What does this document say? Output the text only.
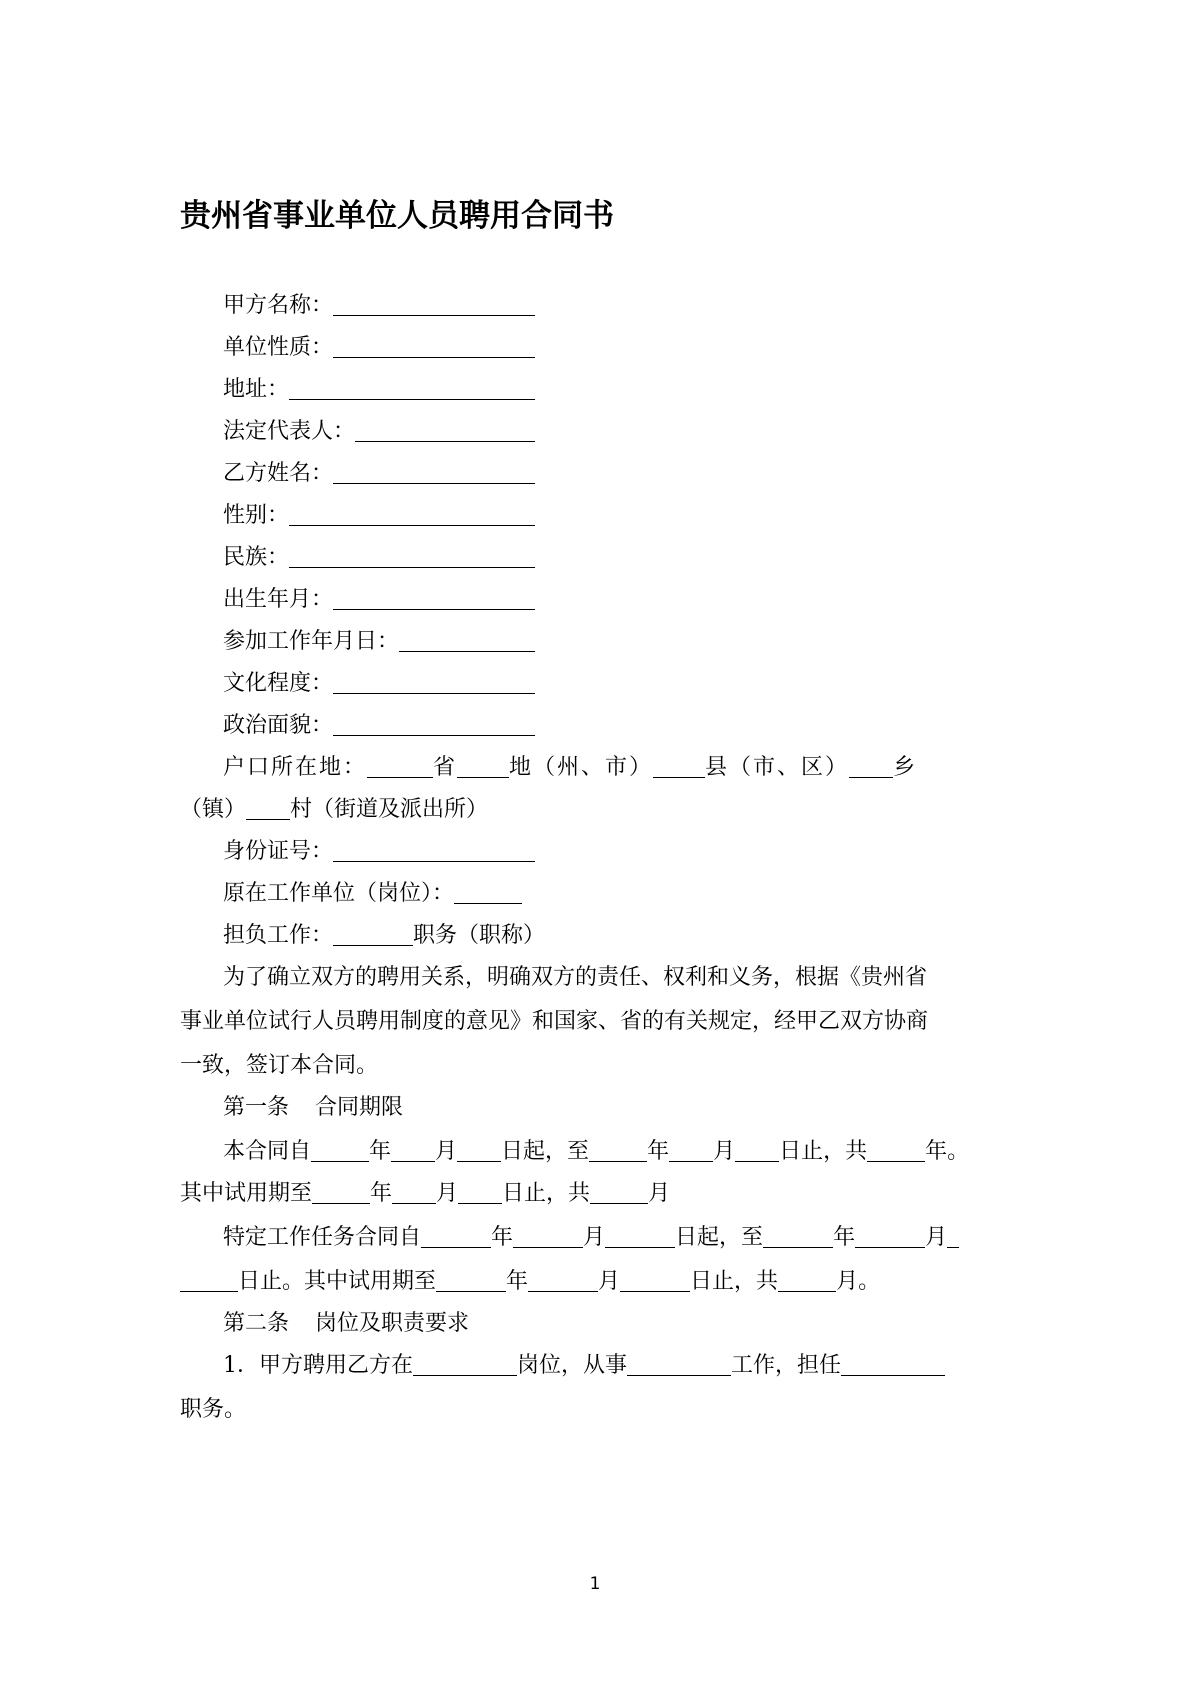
贵州省事业单位人员聘用合同书
甲方名称：
单位性质：
地址：
法定代表人：
乙方姓名：
性别：
民族：
出生年月：
参加工作年月日：
文化程度：
政治面貌：
户口所在地：	省 地（州、市） 县（市、区） 乡
（镇） 村（街道及派出所）
身份证号：
原在工作单位（岗位）：
担负工作：	职务（职称）
为了确立双方的聘用关系，明确双方的责任、权利和义务，根据《贵州省
事业单位试行人员聘用制度的意见》和国家、省的有关规定，经甲乙双方协商
一致，签订本合同。
第一条 合同期限
本合同自	年 月 日起，至	年 月 日止，共	年。
其中试用期至	年 月 日止，共	月
特定工作任务合同自	年	月	日起，至	年	月
日止。其中试用期至	年	月	日止，共	月。
第二条 岗位及职责要求
1．甲方聘用乙方在	岗位，从事	工作，担任
职务。
1
